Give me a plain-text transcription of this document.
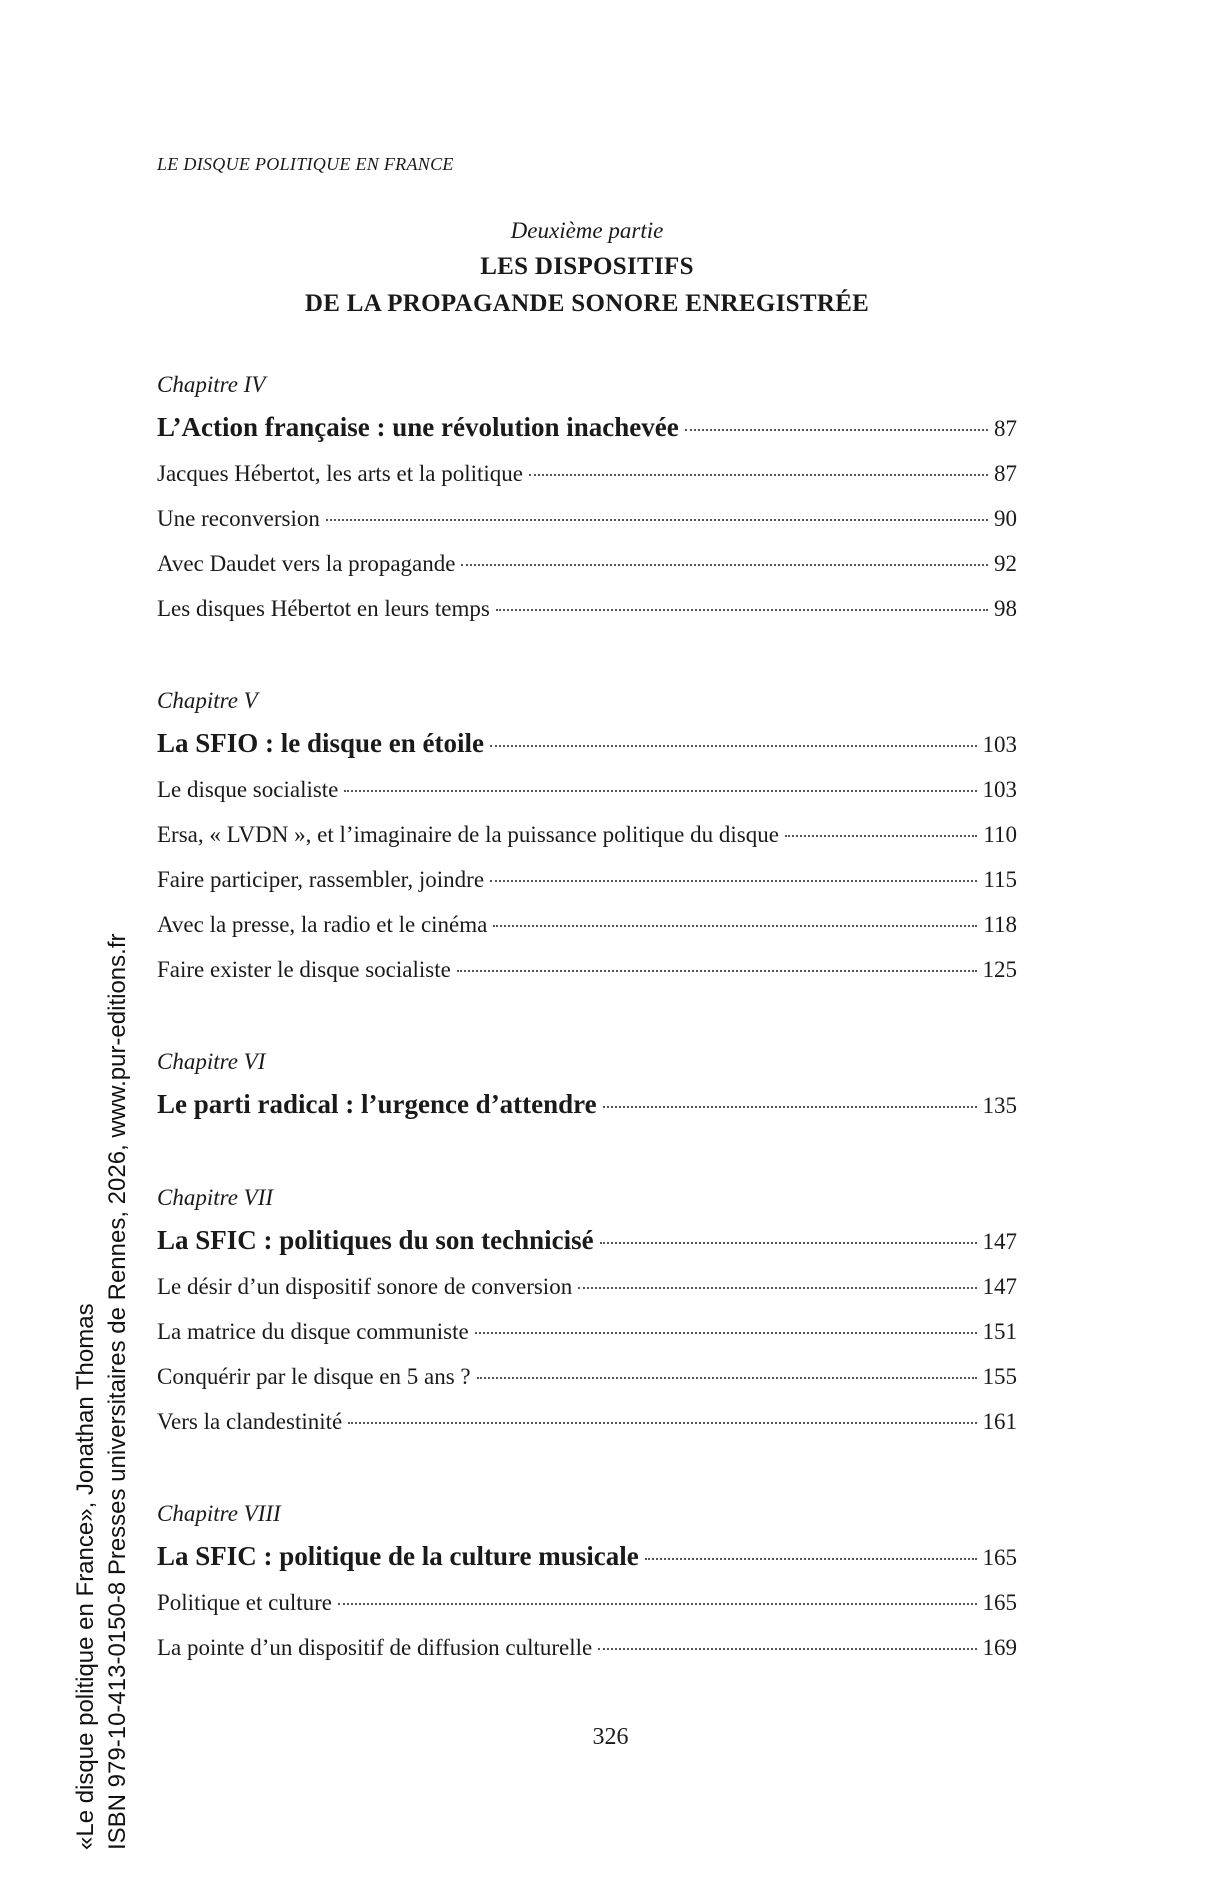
LE DISQUE POLITIQUE EN FRANCE
Deuxième partie
LES DISPOSITIFS
DE LA PROPAGANDE SONORE ENREGISTRÉE
Chapitre IV
L’Action française : une révolution inachevée	87
Jacques Hébertot, les arts et la politique	87
Une reconversion	90
Avec Daudet vers la propagande	92
Les disques Hébertot en leurs temps	98
Chapitre V
La SFIO : le disque en étoile	103
Le disque socialiste	103
Ersa, « LVDN », et l’imaginaire de la puissance politique du disque	110
Faire participer, rassembler, joindre	115
Avec la presse, la radio et le cinéma	118
Faire exister le disque socialiste	125
Chapitre VI
Le parti radical : l’urgence d’attendre	135
Chapitre VII
La SFIC : politiques du son technicisé	147
Le désir d’un dispositif sonore de conversion	147
La matrice du disque communiste	151
Conquérir par le disque en 5 ans ?	155
Vers la clandestinité	161
Chapitre VIII
La SFIC : politique de la culture musicale	165
Politique et culture	165
La pointe d’un dispositif de diffusion culturelle	169
326
«Le disque politique en France», Jonathan Thomas ISBN 979-10-413-0150-8 Presses universitaires de Rennes, 2026, www.pur-editions.fr
